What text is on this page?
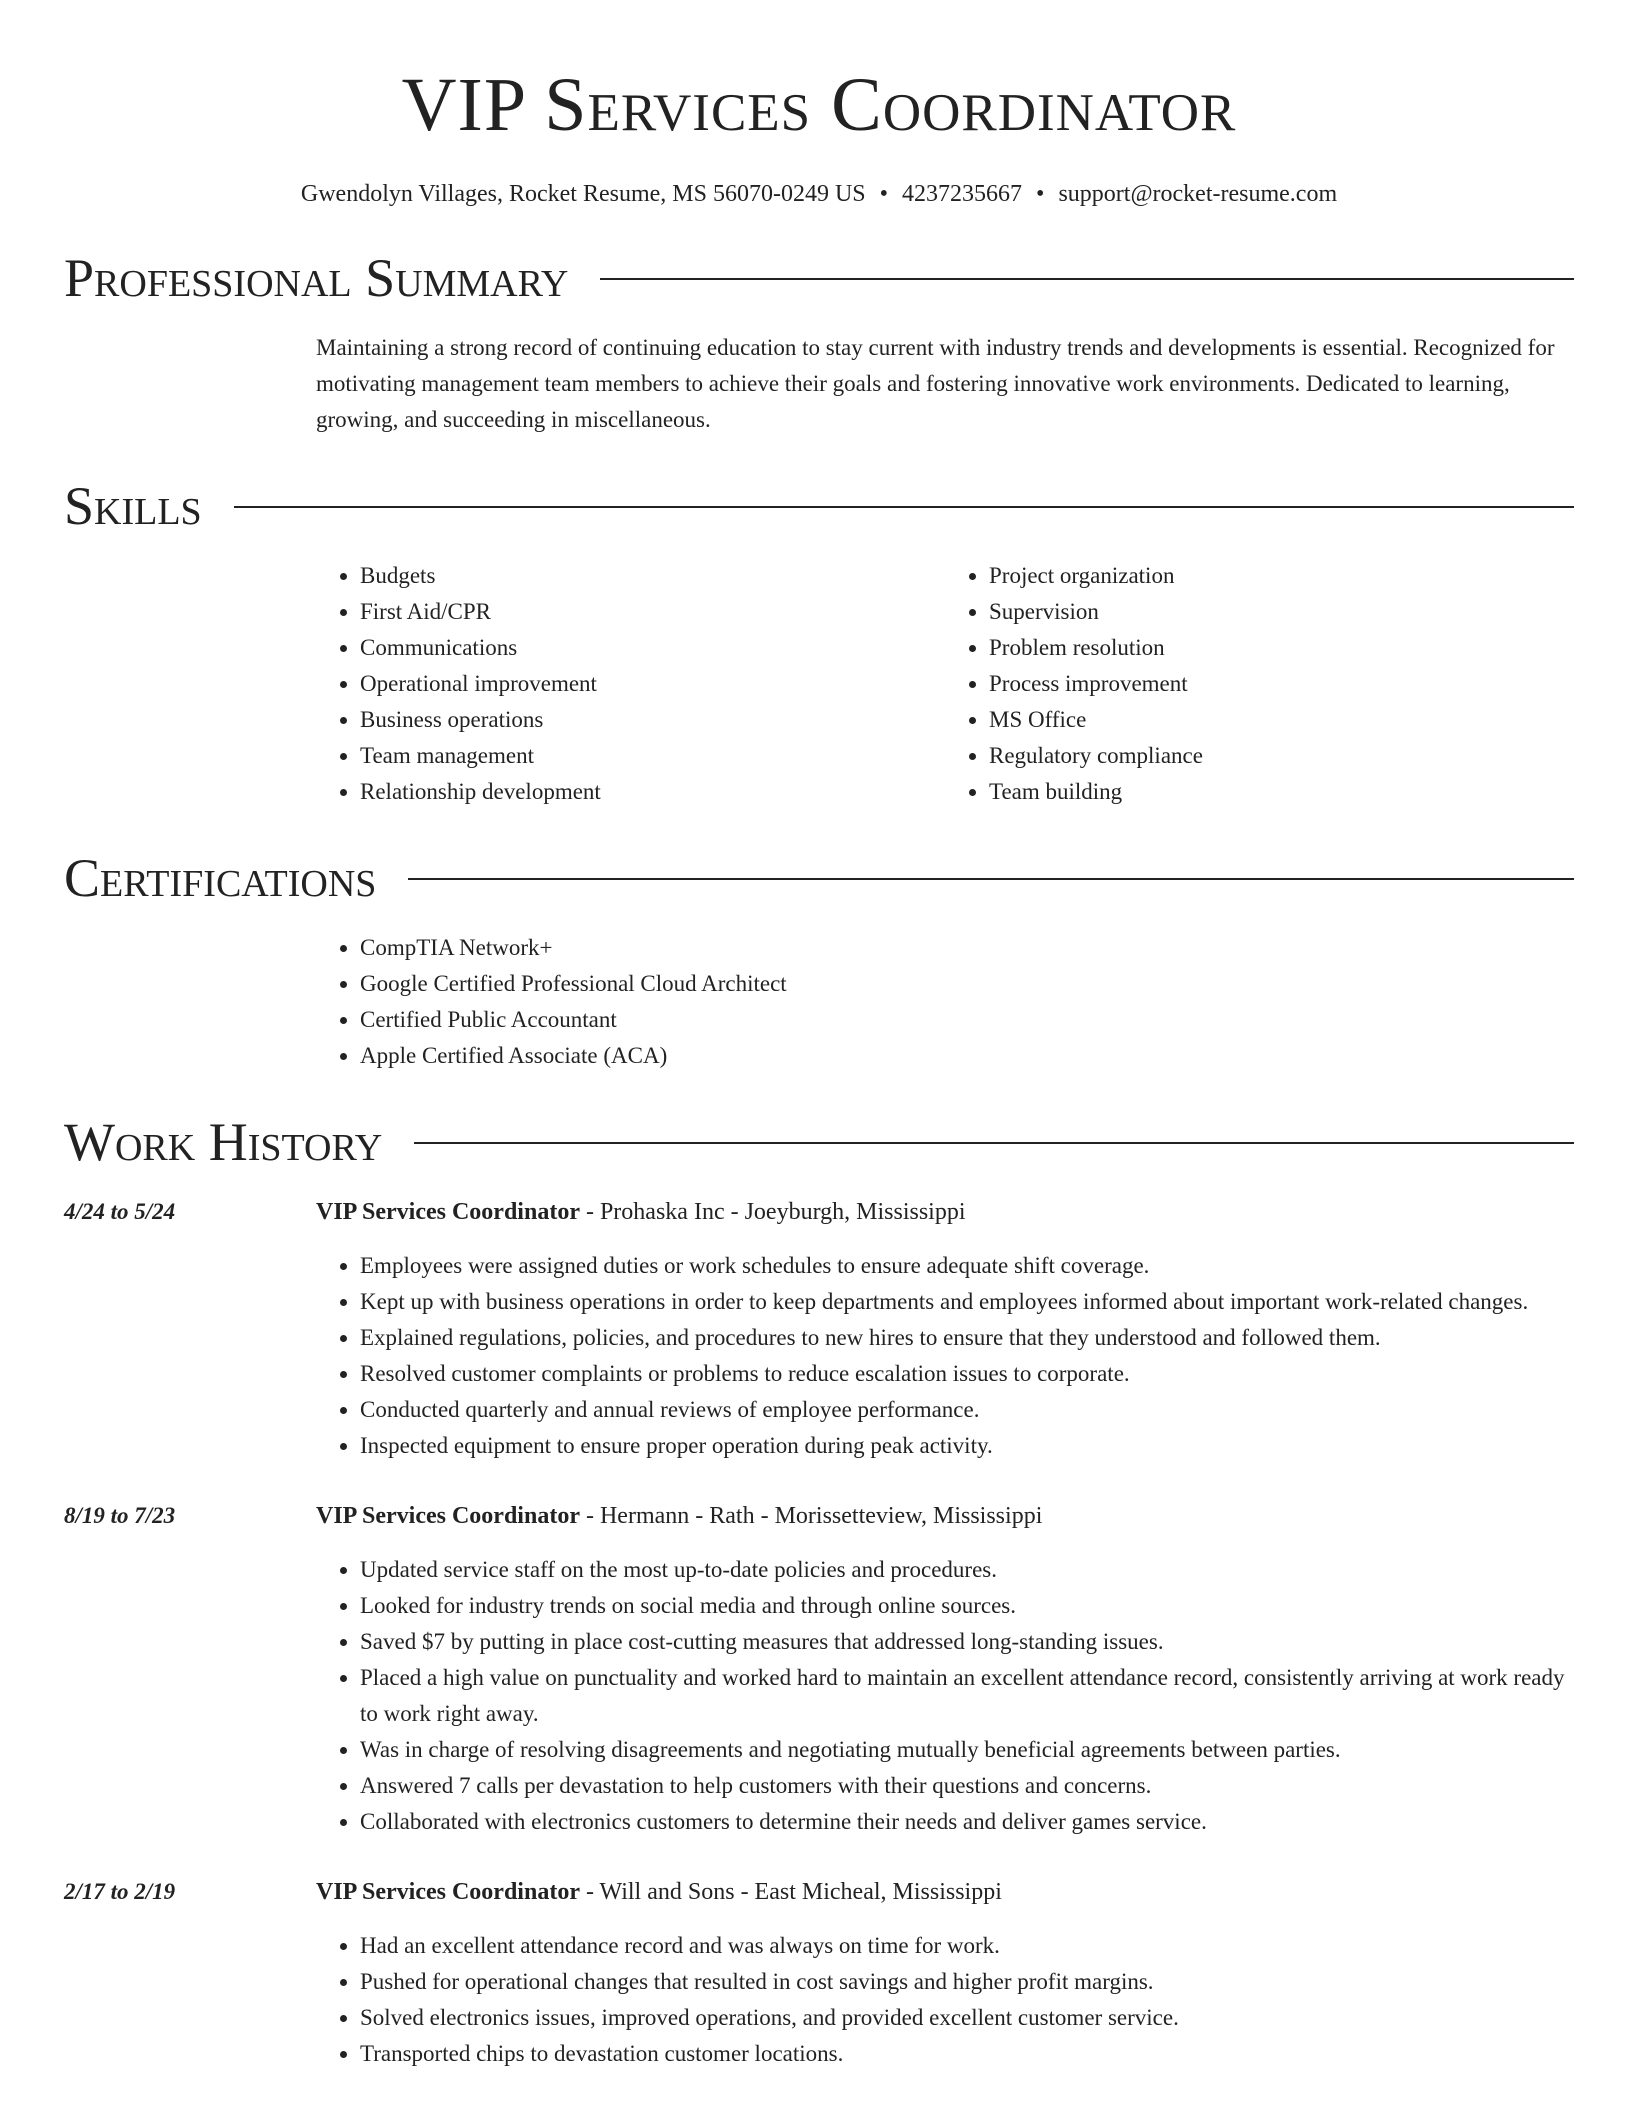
VIP Services Coordinator
Gwendolyn Villages, Rocket Resume, MS 56070-0249 US • 4237235667 • support@rocket-resume.com
Professional Summary
Maintaining a strong record of continuing education to stay current with industry trends and developments is essential. Recognized for motivating management team members to achieve their goals and fostering innovative work environments. Dedicated to learning, growing, and succeeding in miscellaneous.
Skills
• Budgets
• First Aid/CPR
• Communications
• Operational improvement
• Business operations
• Team management
• Relationship development
• Project organization
• Supervision
• Problem resolution
• Process improvement
• MS Office
• Regulatory compliance
• Team building
Certifications
• CompTIA Network+
• Google Certified Professional Cloud Architect
• Certified Public Accountant
• Apple Certified Associate (ACA)
Work History
4/24 to 5/24	VIP Services Coordinator - Prohaska Inc - Joeyburgh, Mississippi
• Employees were assigned duties or work schedules to ensure adequate shift coverage.
• Kept up with business operations in order to keep departments and employees informed about important work-related changes.
• Explained regulations, policies, and procedures to new hires to ensure that they understood and followed them.
• Resolved customer complaints or problems to reduce escalation issues to corporate.
• Conducted quarterly and annual reviews of employee performance.
• Inspected equipment to ensure proper operation during peak activity.
8/19 to 7/23	VIP Services Coordinator - Hermann - Rath - Morissetteview, Mississippi
• Updated service staff on the most up-to-date policies and procedures.
• Looked for industry trends on social media and through online sources.
• Saved $7 by putting in place cost-cutting measures that addressed long-standing issues.
• Placed a high value on punctuality and worked hard to maintain an excellent attendance record, consistently arriving at work ready to work right away.
• Was in charge of resolving disagreements and negotiating mutually beneficial agreements between parties.
• Answered 7 calls per devastation to help customers with their questions and concerns.
• Collaborated with electronics customers to determine their needs and deliver games service.
2/17 to 2/19	VIP Services Coordinator - Will and Sons - East Micheal, Mississippi
• Had an excellent attendance record and was always on time for work.
• Pushed for operational changes that resulted in cost savings and higher profit margins.
• Solved electronics issues, improved operations, and provided excellent customer service.
• Transported chips to devastation customer locations.
